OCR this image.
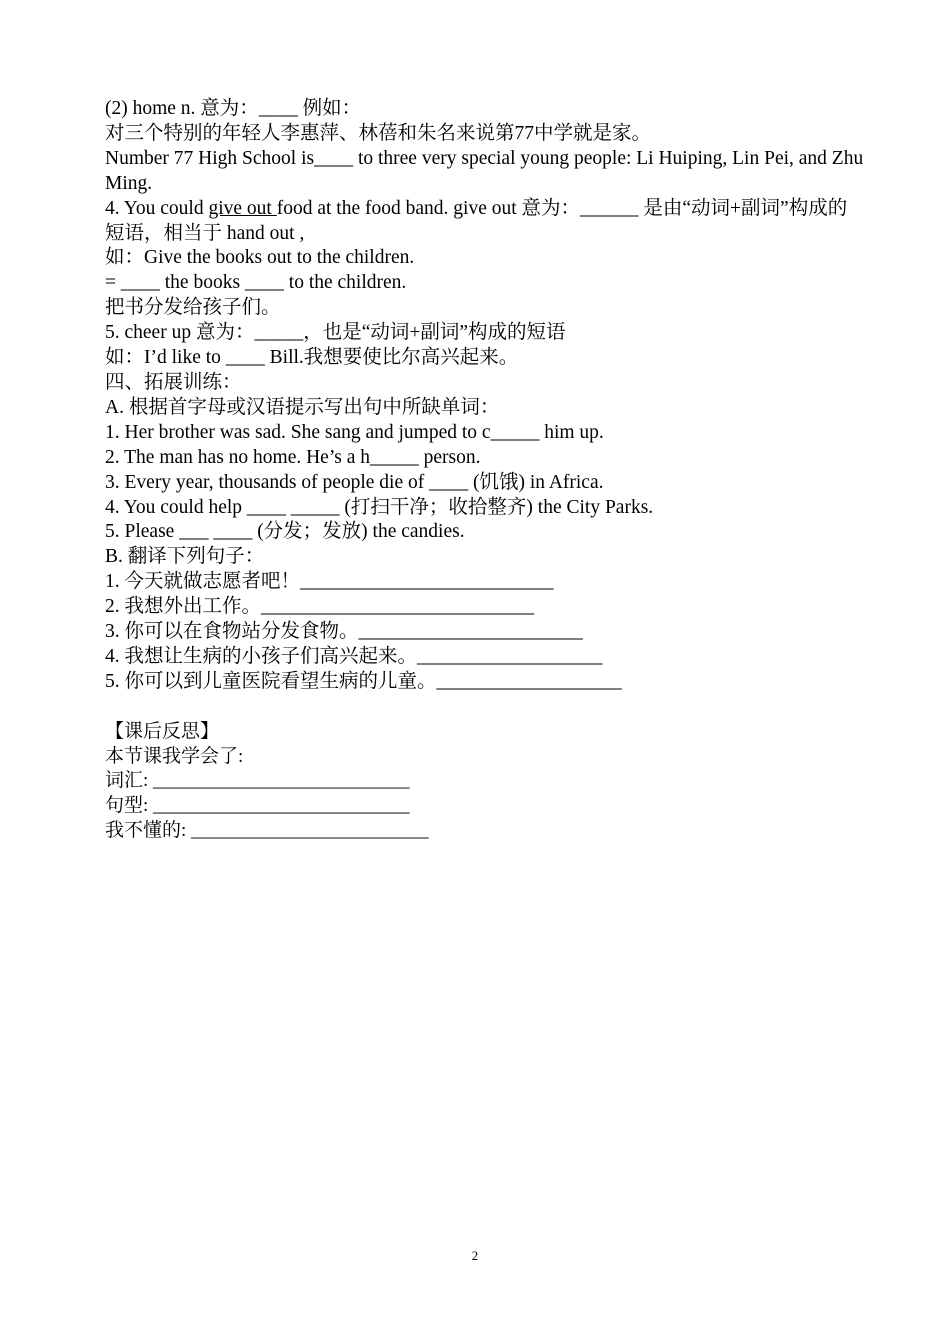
(2) home n. 意为：____ 例如：
对三个特别的年轻人李惠萍、林蓓和朱名来说第77中学就是家。
Number 77 High School is____ to three very special young people: Li Huiping, Lin Pei, and Zhu Ming.
4. You could give out food at the food band. give out 意为：______ 是由“动词+副词”构成的短语，相当于 hand out ,
如：Give the books out to the children.
= ____ the books ____ to the children.
把书分发给孩子们。
5. cheer up 意为：_____，也是“动词+副词”构成的短语
如：I’d like to ____ Bill.我想要使比尔高兴起来。
四、拓展训练：
A. 根据首字母或汉语提示写出句中所缺单词：
1. Her brother was sad. She sang and jumped to c_____ him up.
2. The man has no home. He’s a h_____ person.
3. Every year, thousands of people die of ____ (饥饿) in Africa.
4. You could help ____ _____ (打扫干净；收拾整齐) the City Parks.
5. Please ___ ____ (分发；发放) the candies.
B. 翻译下列句子：
1. 今天就做志愿者吧！__________________________
2. 我想外出工作。____________________________
3. 你可以在食物站分发食物。_______________________
4. 我想让生病的小孩子们高兴起来。___________________
5. 你可以到儿童医院看望生病的儿童。___________________
【课后反思】
本节课我学会了:
词汇: ___________________________
句型: ___________________________
我不懂的: _________________________
2
